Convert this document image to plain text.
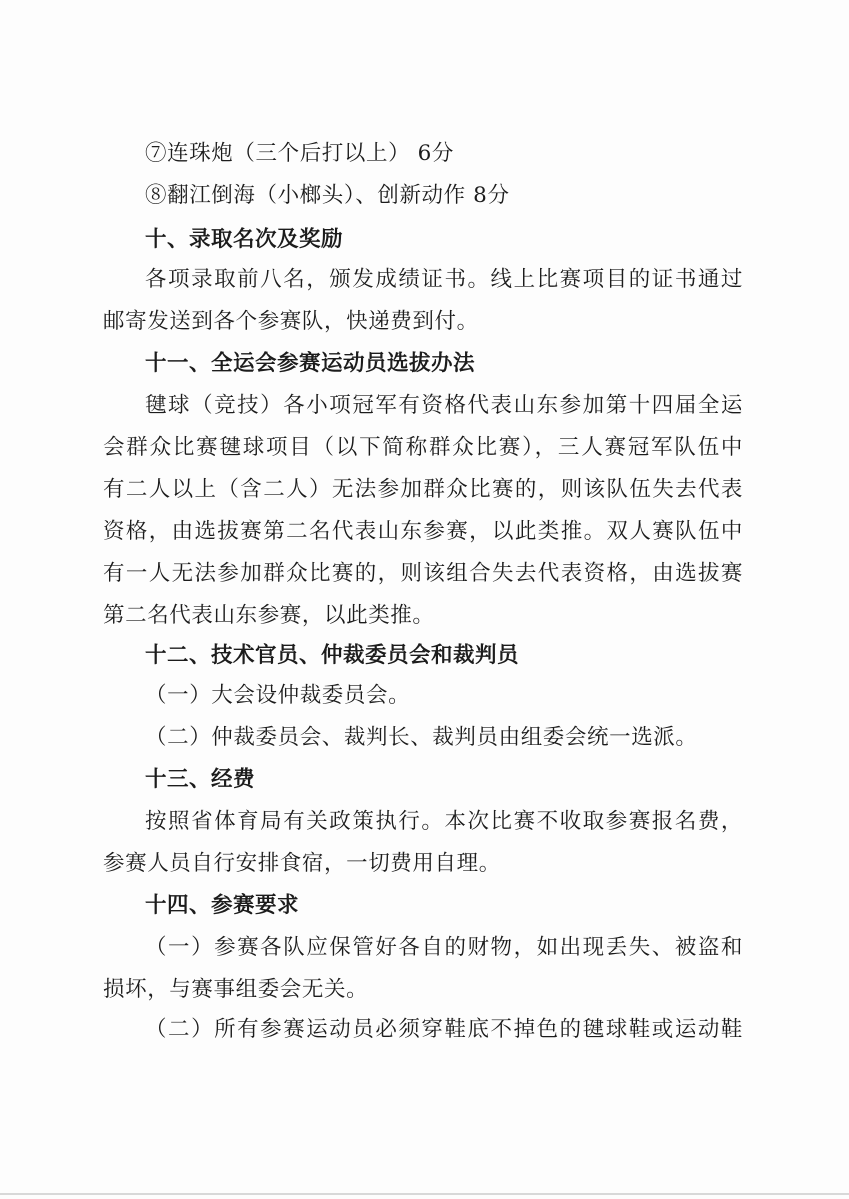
⑦连珠炮（三个后打以上） 6分
⑧翻江倒海（小榔头）、创新动作 8分
十、录取名次及奖励
各项录取前八名，颁发成绩证书。线上比赛项目的证书通过
邮寄发送到各个参赛队，快递费到付。
十一、全运会参赛运动员选拔办法
毽球（竞技）各小项冠军有资格代表山东参加第十四届全运
会群众比赛毽球项目（以下简称群众比赛），三人赛冠军队伍中
有二人以上（含二人）无法参加群众比赛的，则该队伍失去代表
资格，由选拔赛第二名代表山东参赛，以此类推。双人赛队伍中
有一人无法参加群众比赛的，则该组合失去代表资格，由选拔赛
第二名代表山东参赛，以此类推。
十二、技术官员、仲裁委员会和裁判员
（一）大会设仲裁委员会。
（二）仲裁委员会、裁判长、裁判员由组委会统一选派。
十三、经费
按照省体育局有关政策执行。本次比赛不收取参赛报名费，
参赛人员自行安排食宿，一切费用自理。
十四、参赛要求
（一）参赛各队应保管好各自的财物，如出现丢失、被盗和
损坏，与赛事组委会无关。
（二）所有参赛运动员必须穿鞋底不掉色的毽球鞋或运动鞋
